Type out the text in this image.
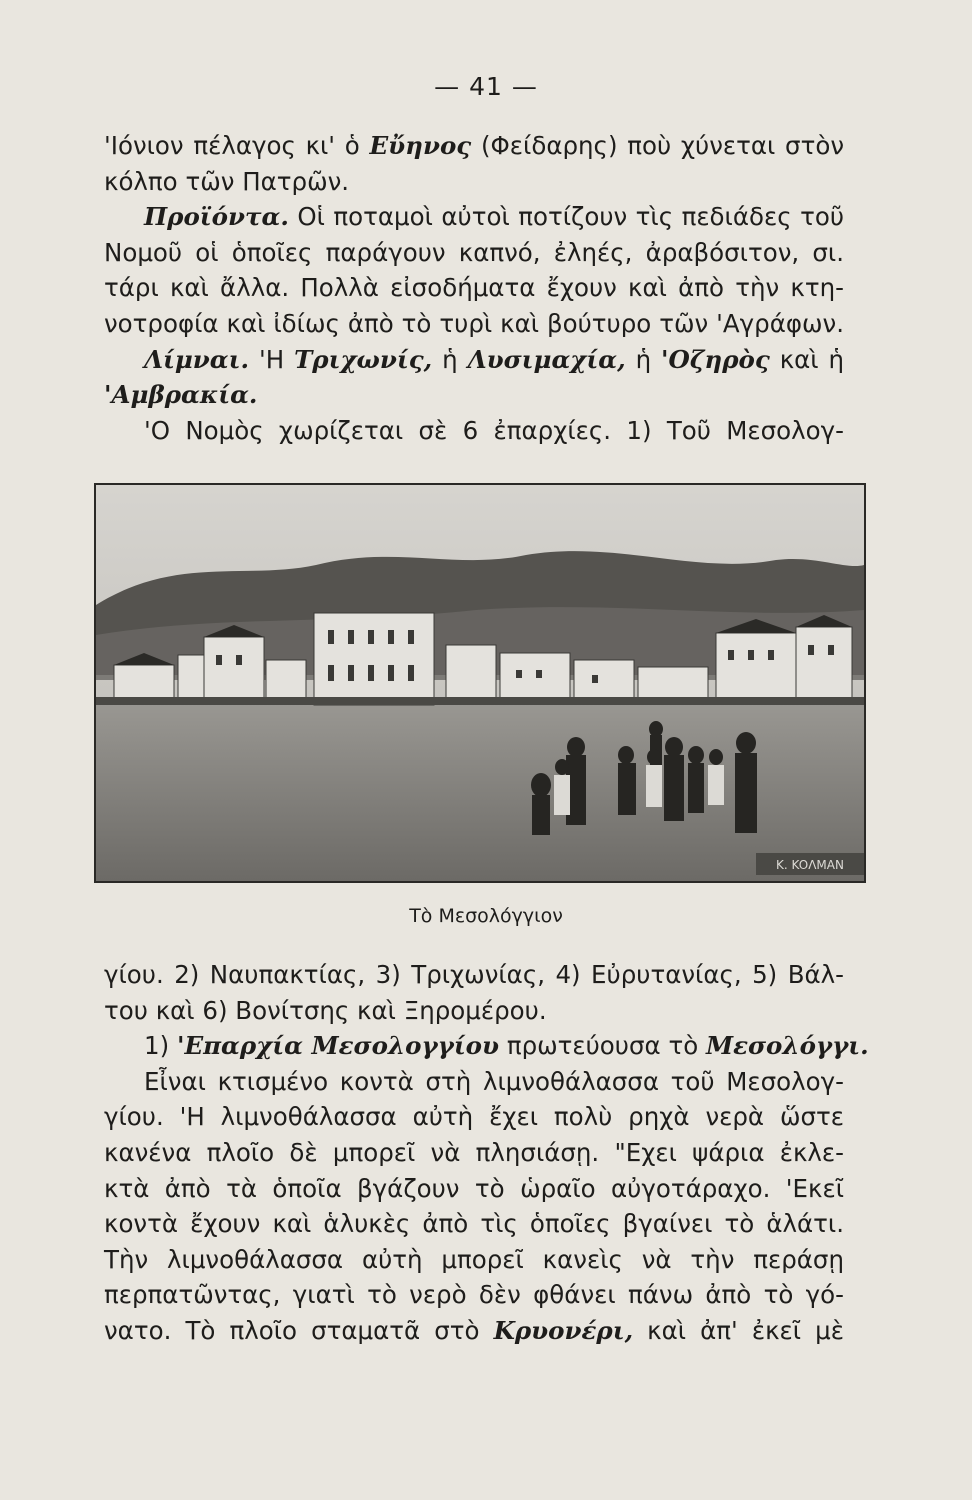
— 41 —
'Ιόνιον πέλαγος κι' ὁ Εὔηνος (Φείδαρης) ποὺ χύνεται στὸν
κόλπο τῶν Πατρῶν.
Προϊόντα. Οἱ ποταμοὶ αὐτοὶ ποτίζουν τὶς πεδιάδες τοῦ
Νομοῦ οἱ ὁποῖες παράγουν καπνό, ἐληές, ἀραβόσιτον, σι.
τάρι καὶ ἄλλα. Πολλὰ εἰσοδήματα ἔχουν καὶ ἀπὸ τὴν κτη-
νοτροφία καὶ ἰδίως ἀπὸ τὸ τυρὶ καὶ βούτυρο τῶν 'Αγράφων.
Λίμναι. 'Η Τριχωνίς, ἡ Λυσιμαχία, ἡ 'Οζηρὸς καὶ ἡ
'Αμβρακία.
'Ο Νομὸς χωρίζεται σὲ 6 ἐπαρχίες. 1) Τοῦ Μεσολογ-
K. KOΛMAN
Τὸ Μεσολόγγιον
γίου. 2) Ναυπακτίας, 3) Τριχωνίας, 4) Εὐρυτανίας, 5) Βάλ-
του καὶ 6) Βονίτσης καὶ Ξηρομέρου.
1) 'Επαρχία Μεσολογγίου πρωτεύουσα τὸ Μεσολόγγι.
Εἶναι κτισμένο κοντὰ στὴ λιμνοθάλασσα τοῦ Μεσολογ-
γίου. 'Η λιμνοθάλασσα αὐτὴ ἔχει πολὺ ρηχὰ νερὰ ὥστε
κανένα πλοῖο δὲ μπορεῖ νὰ πλησιάσῃ. "Εχει ψάρια ἐκλε-
κτὰ ἀπὸ τὰ ὁποῖα βγάζουν τὸ ὡραῖο αὐγοτάραχο. 'Εκεῖ
κοντὰ ἔχουν καὶ ἁλυκὲς ἀπὸ τὶς ὁποῖες βγαίνει τὸ ἁλάτι.
Τὴν λιμνοθάλασσα αὐτὴ μπορεῖ κανεὶς νὰ τὴν περάσῃ
περπατῶντας, γιατὶ τὸ νερὸ δὲν φθάνει πάνω ἀπὸ τὸ γό-
νατο. Τὸ πλοῖο σταματᾶ στὸ Κρυονέρι, καὶ ἀπ' ἐκεῖ μὲ
